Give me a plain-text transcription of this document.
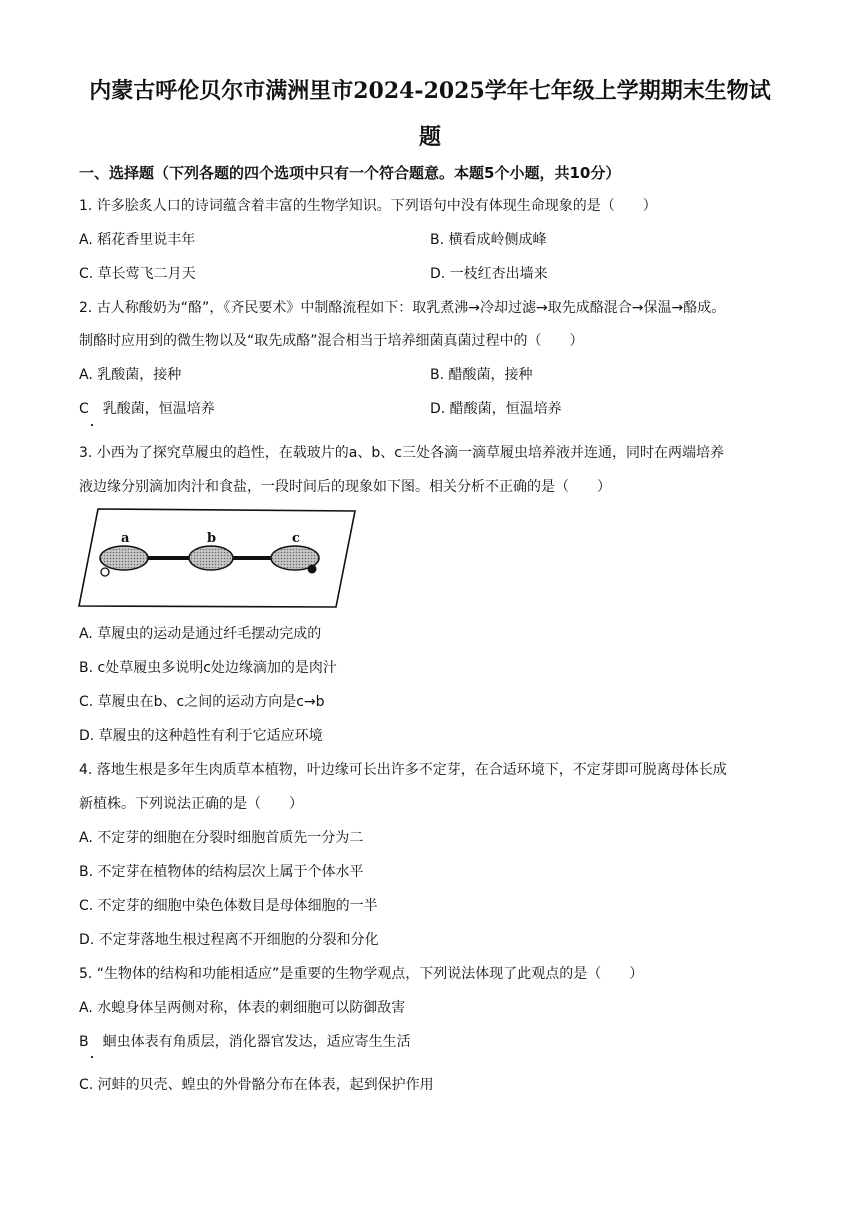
内蒙古呼伦贝尔市满洲里市2024-2025学年七年级上学期期末生物试
题
一、选择题（下列各题的四个选项中只有一个符合题意。本题5个小题，共10分）
1. 许多脍炙人口的诗词蕴含着丰富的生物学知识。下列语句中没有体现生命现象的是（　　）
A. 稻花香里说丰年	B. 横看成岭侧成峰
C. 草长莺飞二月天	D. 一枝红杏出墙来
2. 古人称酸奶为“酪”，《齐民要术》中制酪流程如下：取乳煮沸→冷却过滤→取先成酪混合→保温→酪成。
制酪时应用到的微生物以及“取先成酪”混合相当于培养细菌真菌过程中的（　　）
A. 乳酸菌，接种	B. 醋酸菌，接种
C　乳酸菌，恒温培养	D. 醋酸菌，恒温培养
3. 小西为了探究草履虫的趋性，在载玻片的a、b、c三处各滴一滴草履虫培养液并连通，同时在两端培养
液边缘分别滴加肉汁和食盐，一段时间后的现象如下图。相关分析不正确的是（　　）
a	b	c
A. 草履虫的运动是通过纤毛摆动完成的
B. c处草履虫多说明c处边缘滴加的是肉汁
C. 草履虫在b、c之间的运动方向是c→b
D. 草履虫的这种趋性有利于它适应环境
4. 落地生根是多年生肉质草本植物，叶边缘可长出许多不定芽，在合适环境下，不定芽即可脱离母体长成
新植株。下列说法正确的是（　　）
A. 不定芽的细胞在分裂时细胞首质先一分为二
B. 不定芽在植物体的结构层次上属于个体水平
C. 不定芽的细胞中染色体数目是母体细胞的一半
D. 不定芽落地生根过程离不开细胞的分裂和分化
5. “生物体的结构和功能相适应”是重要的生物学观点，下列说法体现了此观点的是（　　）
A. 水螅身体呈两侧对称，体表的刺细胞可以防御敌害
B　蛔虫体表有角质层，消化器官发达，适应寄生生活
C. 河蚌的贝壳、蝗虫的外骨骼分布在体表，起到保护作用
